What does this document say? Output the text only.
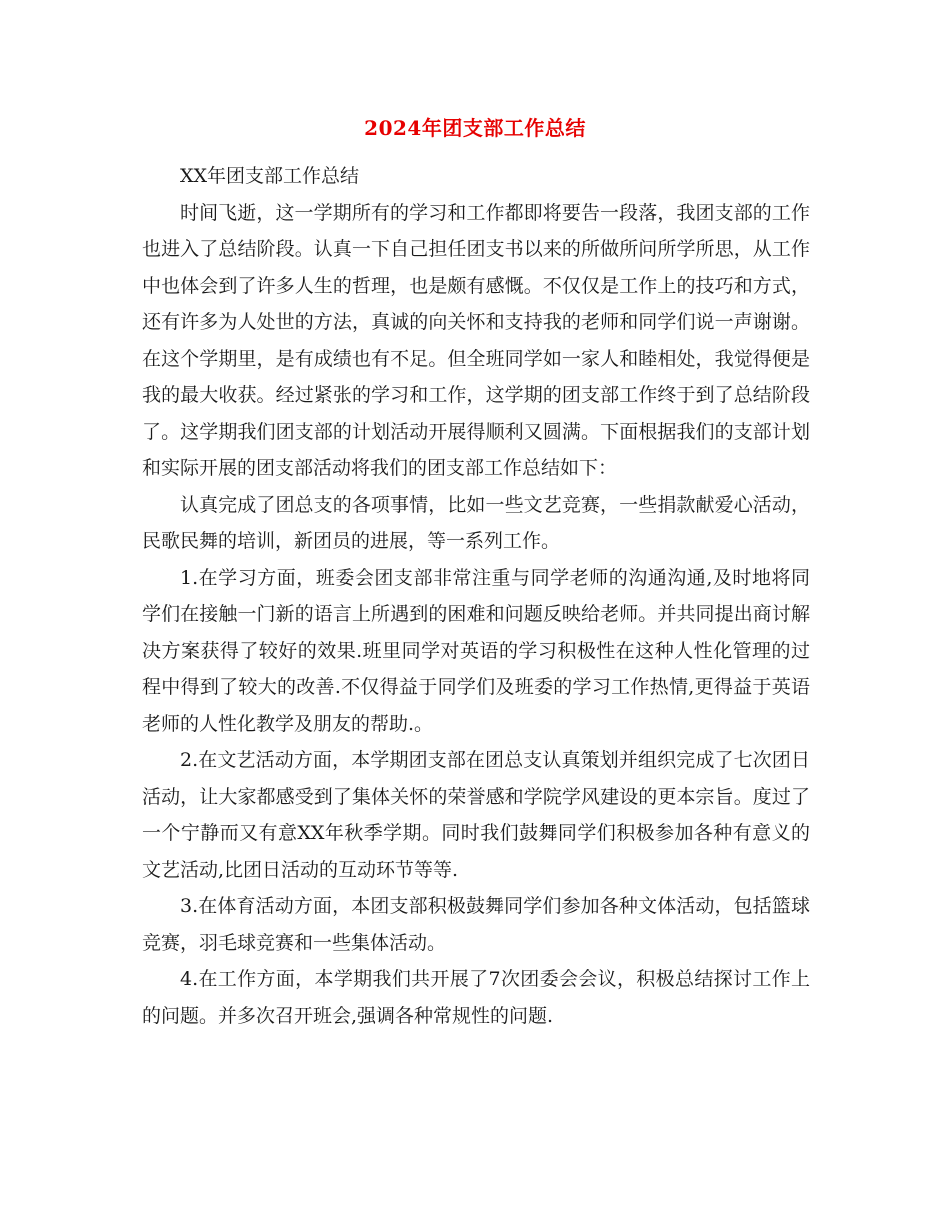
2024年团支部工作总结

XX年团支部工作总结

时间飞逝，这一学期所有的学习和工作都即将要告一段落，我团支部的工作也进入了总结阶段。认真一下自己担任团支书以来的所做所问所学所思，从工作中也体会到了许多人生的哲理，也是颇有感慨。不仅仅是工作上的技巧和方式，还有许多为人处世的方法，真诚的向关怀和支持我的老师和同学们说一声谢谢。在这个学期里，是有成绩也有不足。但全班同学如一家人和睦相处，我觉得便是我的最大收获。经过紧张的学习和工作，这学期的团支部工作终于到了总结阶段了。这学期我们团支部的计划活动开展得顺利又圆满。下面根据我们的支部计划和实际开展的团支部活动将我们的团支部工作总结如下：

认真完成了团总支的各项事情，比如一些文艺竞赛，一些捐款献爱心活动，民歌民舞的培训，新团员的进展，等一系列工作。

1.在学习方面，班委会团支部非常注重与同学老师的沟通沟通,及时地将同学们在接触一门新的语言上所遇到的困难和问题反映给老师。并共同提出商讨解决方案获得了较好的效果.班里同学对英语的学习积极性在这种人性化管理的过程中得到了较大的改善.不仅得益于同学们及班委的学习工作热情,更得益于英语老师的人性化教学及朋友的帮助.。

2.在文艺活动方面，本学期团支部在团总支认真策划并组织完成了七次团日活动，让大家都感受到了集体关怀的荣誉感和学院学风建设的更本宗旨。度过了一个宁静而又有意XX年秋季学期。同时我们鼓舞同学们积极参加各种有意义的文艺活动,比团日活动的互动环节等等.

3.在体育活动方面，本团支部积极鼓舞同学们参加各种文体活动，包括篮球竞赛，羽毛球竞赛和一些集体活动。

4.在工作方面，本学期我们共开展了7次团委会会议，积极总结探讨工作上的问题。并多次召开班会,强调各种常规性的问题.
